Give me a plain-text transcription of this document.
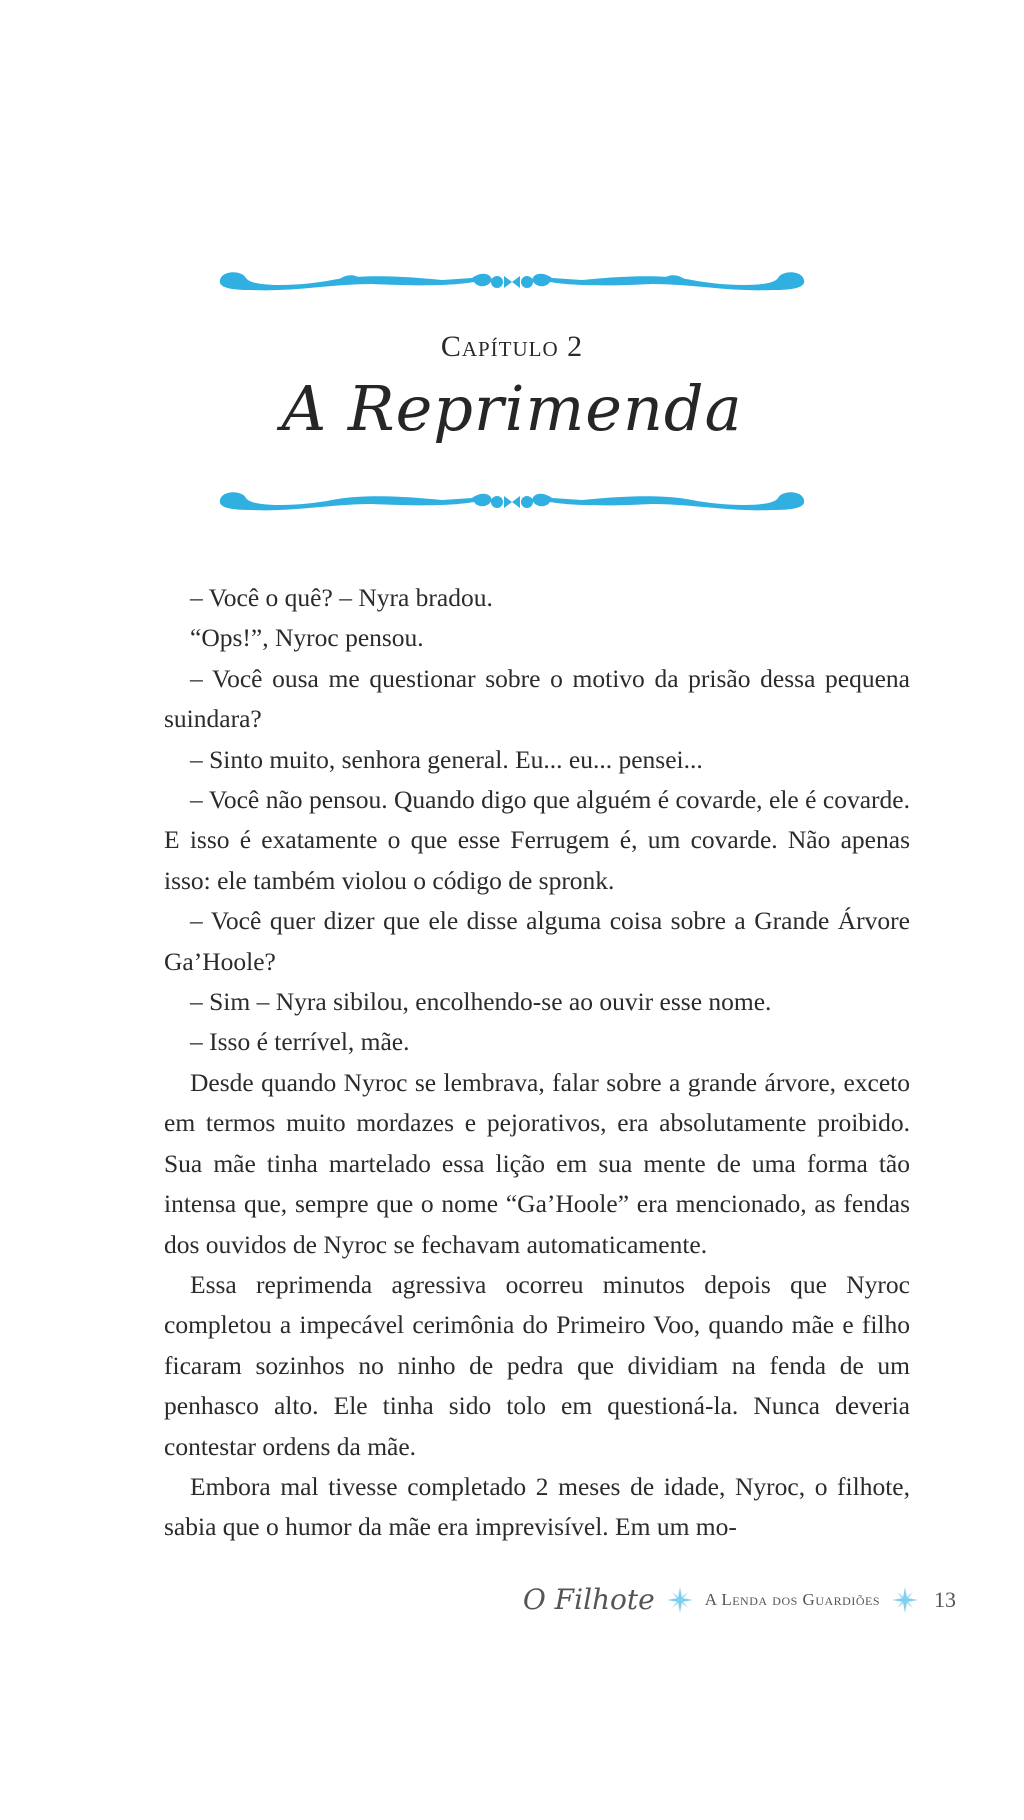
Capítulo 2
A Reprimenda

– Você o quê? – Nyra bradou.

“Ops!”, Nyroc pensou.

– Você ousa me questionar sobre o motivo da prisão dessa pequena suindara?

– Sinto muito, senhora general. Eu... eu... pensei...

– Você não pensou. Quando digo que alguém é covarde, ele é covarde. E isso é exatamente o que esse Ferrugem é, um covarde. Não apenas isso: ele também violou o código de spronk.

– Você quer dizer que ele disse alguma coisa sobre a Grande Árvore Ga’Hoole?

– Sim – Nyra sibilou, encolhendo-se ao ouvir esse nome.

– Isso é terrível, mãe.

Desde quando Nyroc se lembrava, falar sobre a grande árvore, exceto em termos muito mordazes e pejorativos, era absolutamente proibido. Sua mãe tinha martelado essa lição em sua mente de uma forma tão intensa que, sempre que o nome “Ga’Hoole” era mencionado, as fendas dos ouvidos de Nyroc se fechavam automaticamente.

Essa reprimenda agressiva ocorreu minutos depois que Nyroc completou a impecável cerimônia do Primeiro Voo, quando mãe e filho ficaram sozinhos no ninho de pedra que dividiam na fenda de um penhasco alto. Ele tinha sido tolo em questioná-la. Nunca deveria contestar ordens da mãe.

Embora mal tivesse completado 2 meses de idade, Nyroc, o filhote, sabia que o humor da mãe era imprevisível. Em um mo-

O Filhote	A Lenda dos Guardiões 13
